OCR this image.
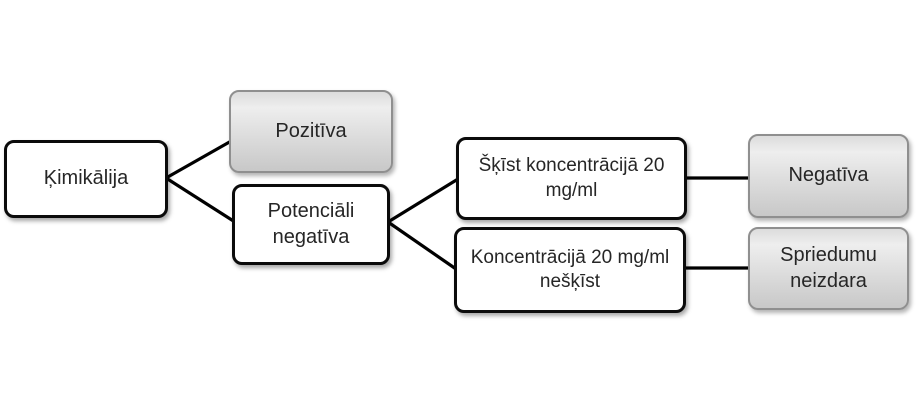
Ķimikālija
Pozitīva
Potenciāli negatīva
Šķīst koncentrācijā 20 mg/ml
Koncentrācijā 20 mg/ml nešķīst
Negatīva
Spriedumu neizdara
